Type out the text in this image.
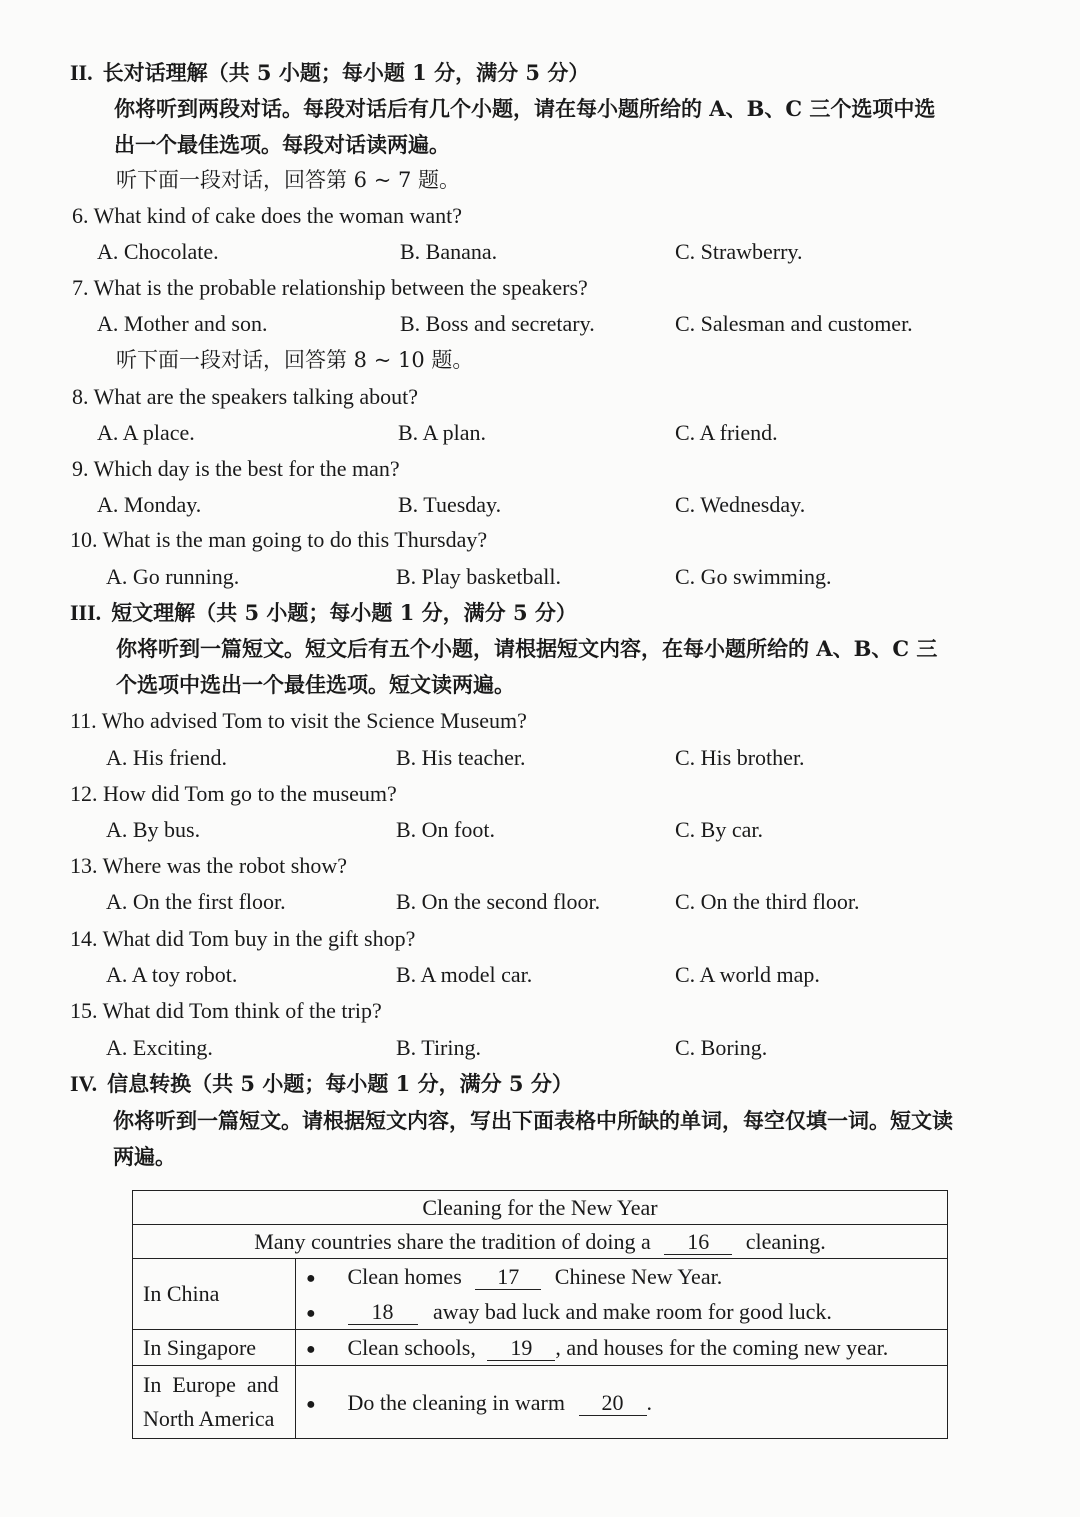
II. 长对话理解（共 5 小题；每小题 1 分，满分 5 分）
你将听到两段对话。每段对话后有几个小题，请在每小题所给的 A、B、C 三个选项中选
出一个最佳选项。每段对话读两遍。
听下面一段对话，回答第 6 ~ 7 题。
6. What kind of cake does the woman want?
A. Chocolate.	B. Banana.	C. Strawberry.
7. What is the probable relationship between the speakers?
A. Mother and son.	B. Boss and secretary.	C. Salesman and customer.
听下面一段对话，回答第 8 ~ 10 题。
8. What are the speakers talking about?
A. A place.	B. A plan.	C. A friend.
9. Which day is the best for the man?
A. Monday.	B. Tuesday.	C. Wednesday.
10. What is the man going to do this Thursday?
A. Go running.	B. Play basketball.	C. Go swimming.
III. 短文理解（共 5 小题；每小题 1 分，满分 5 分）
你将听到一篇短文。短文后有五个小题，请根据短文内容，在每小题所给的 A、B、C 三
个选项中选出一个最佳选项。短文读两遍。
11. Who advised Tom to visit the Science Museum?
A. His friend.	B. His teacher.	C. His brother.
12. How did Tom go to the museum?
A. By bus.	B. On foot.	C. By car.
13. Where was the robot show?
A. On the first floor.	B. On the second floor.	C. On the third floor.
14. What did Tom buy in the gift shop?
A. A toy robot.	B. A model car.	C. A world map.
15. What did Tom think of the trip?
A. Exciting.	B. Tiring.	C. Boring.
IV. 信息转换（共 5 小题；每小题 1 分，满分 5 分）
你将听到一篇短文。请根据短文内容，写出下面表格中所缺的单词，每空仅填一词。短文读
两遍。
Cleaning for the New Year	
Many countries share the tradition of doing a 16 cleaning.	
In China	● Clean homes 17 Chinese New Year.
● 18 away bad luck and make room for good luck.

In Singapore	● Clean schools, 19 , and houses for the coming new year.

In  Europe  and
North America	● Do the cleaning in warm 20 .
